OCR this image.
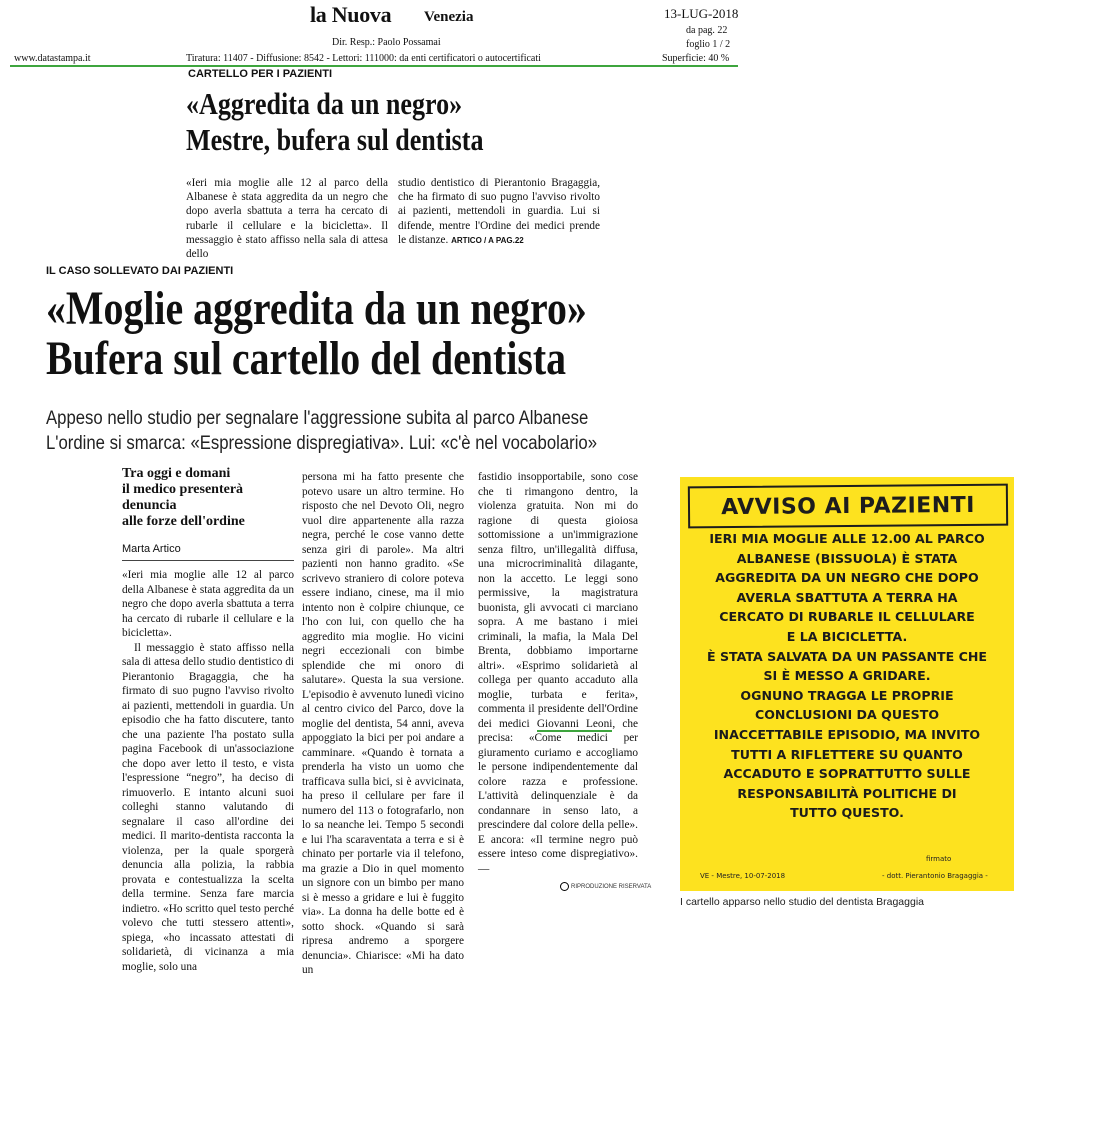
la Nuova Venezia	13-LUG-2018
Dir. Resp.: Paolo Possamai
da pag. 22
foglio 1 / 2
www.datastampa.it	Tiratura: 11407 - Diffusione: 8542 - Lettori: 111000: da enti certificatori o autocertificati	Superficie: 40 %
CARTELLO PER I PAZIENTI
«Aggredita da un negro»
Mestre, bufera sul dentista
«Ieri mia moglie alle 12 al parco della Albanese è stata aggredita da un negro che dopo averla sbattuta a terra ha cercato di rubarle il cellulare e la bicicletta». Il messaggio è stato affisso nella sala di attesa dello
studio dentistico di Pierantonio Bragaggia, che ha firmato di suo pugno l'avviso rivolto ai pazienti, mettendoli in guardia. Lui si difende, mentre l'Ordine dei medici prende le distanze. ARTICO / A PAG.22
IL CASO SOLLEVATO DAI PAZIENTI
«Moglie aggredita da un negro»
Bufera sul cartello del dentista
Appeso nello studio per segnalare l'aggressione subita al parco Albanese
L'ordine si smarca: «Espressione dispregiativa». Lui: «c'è nel vocabolario»
Tra oggi e domani
il medico presenterà
denuncia
alle forze dell'ordine
Marta Artico

«Ieri mia moglie alle 12 al parco della Albanese è stata aggredita da un negro che dopo averla sbattuta a terra ha cercato di rubarle il cellulare e la bicicletta».

Il messaggio è stato affisso nella sala di attesa dello studio dentistico di Pierantonio Bragaggia, che ha firmato di suo pugno l'avviso rivolto ai pazienti, mettendoli in guardia. Un episodio che ha fatto discutere, tanto che una paziente l'ha postato sulla pagina Facebook di un'associazione che dopo aver letto il testo, e vista l'espressione “negro”, ha deciso di rimuoverlo. E intanto alcuni suoi colleghi stanno valutando di segnalare il caso all'ordine dei medici. Il marito-dentista racconta la violenza, per la quale sporgerà denuncia alla polizia, la rabbia provata e contestualizza la scelta della termine. Senza fare marcia indietro. «Ho scritto quel testo perché volevo che tutti stessero attenti», spiega, «ho incassato attestati di solidarietà, di vicinanza a mia moglie, solo una

persona mi ha fatto presente che potevo usare un altro termine. Ho risposto che nel Devoto Oli, negro vuol dire appartenente alla razza negra, perché le cose vanno dette senza giri di parole». Ma altri pazienti non hanno gradito. «Se scrivevo straniero di colore poteva essere indiano, cinese, ma il mio intento non è colpire chiunque, ce l'ho con lui, con quello che ha aggredito mia moglie. Ho vicini negri eccezionali con bimbe splendide che mi onoro di salutare». Questa la sua versione. L'episodio è avvenuto lunedì vicino al centro civico del Parco, dove la moglie del dentista, 54 anni, aveva appoggiato la bici per poi andare a camminare. «Quando è tornata a prenderla ha visto un uomo che trafficava sulla bici, si è avvicinata, ha preso il cellulare per fare il numero del 113 o fotografarlo, non lo sa neanche lei. Tempo 5 secondi e lui l'ha scaraventata a terra e si è chinato per portarle via il telefono, ma grazie a Dio in quel momento un signore con un bimbo per mano si è messo a gridare e lui è fuggito via». La donna ha delle botte ed è sotto shock. «Quando si sarà ripresa andremo a sporgere denuncia». Chiarisce: «Mi ha dato un

fastidio insopportabile, sono cose che ti rimangono dentro, la violenza gratuita. Non mi do ragione di questa gioiosa sottomissione a un'immigrazione senza filtro, un'illegalità diffusa, una microcriminalità dilagante, non la accetto. Le leggi sono permissive, la magistratura buonista, gli avvocati ci marciano sopra. A me bastano i miei criminali, la mafia, la Mala Del Brenta, dobbiamo importarne altri». «Esprimo solidarietà al collega per quanto accaduto alla moglie, turbata e ferita», commenta il presidente dell'Ordine dei medici Giovanni Leoni, che precisa: «Come medici per giuramento curiamo e accogliamo le persone indipendentemente dal colore razza e professione. L'attività delinquenziale è da condannare in senso lato, a prescindere dal colore della pelle». E ancora: «Il termine negro può essere inteso come dispregiativo». —

RIPRODUZIONE RISERVATA
AVVISO AI PAZIENTI
IERI MIA MOGLIE ALLE 12.00 AL PARCO
ALBANESE (BISSUOLA) È STATA
AGGREDITA DA UN NEGRO CHE DOPO
AVERLA SBATTUTA A TERRA HA
CERCATO DI RUBARLE IL CELLULARE
E LA BICICLETTA.
È STATA SALVATA DA UN PASSANTE CHE
SI È MESSO A GRIDARE.
OGNUNO TRAGGA LE PROPRIE
CONCLUSIONI DA QUESTO
INACCETTABILE EPISODIO, MA INVITO
TUTTI A RIFLETTERE SU QUANTO
ACCADUTO E SOPRATTUTTO SULLE
RESPONSABILITÀ POLITICHE DI
TUTTO QUESTO.
firmato
VE - Mestre, 10-07-2018	- dott. Pierantonio Bragaggia -
I cartello apparso nello studio del dentista Bragaggia
